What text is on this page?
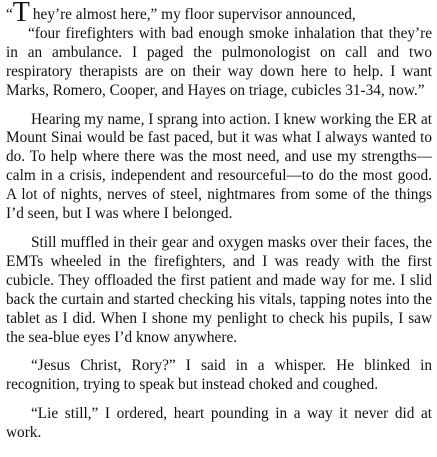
“T hey’re almost here,” my floor supervisor announced,
“four firefighters with bad enough smoke inhalation that they’re in an ambulance. I paged the pulmonologist on call and two respiratory therapists are on their way down here to help. I want Marks, Romero, Cooper, and Hayes on triage, cubicles 31-34, now.”

Hearing my name, I sprang into action. I knew working the ER at Mount Sinai would be fast paced, but it was what I always wanted to do. To help where there was the most need, and use my strengths—calm in a crisis, independent and resourceful—to do the most good. A lot of nights, nerves of steel, nightmares from some of the things I’d seen, but I was where I belonged.

Still muffled in their gear and oxygen masks over their faces, the EMTs wheeled in the firefighters, and I was ready with the first cubicle. They offloaded the first patient and made way for me. I slid back the curtain and started checking his vitals, tapping notes into the tablet as I did. When I shone my penlight to check his pupils, I saw the sea-blue eyes I’d know anywhere.

“Jesus Christ, Rory?” I said in a whisper. He blinked in recognition, trying to speak but instead choked and coughed.

“Lie still,” I ordered, heart pounding in a way it never did at work.
